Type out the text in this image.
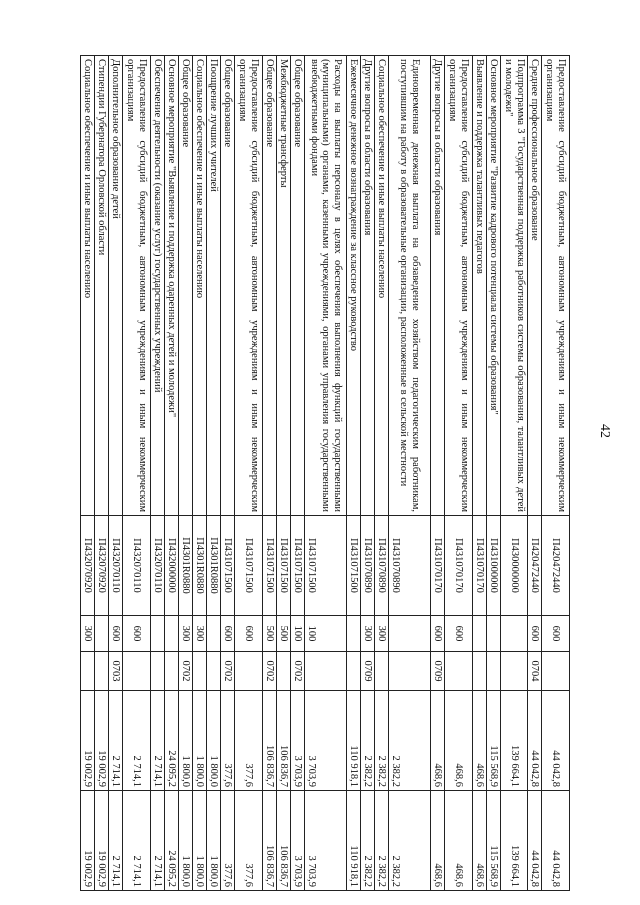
42
Предоставление субсидий бюджетным, автономным учреждениям и иным некоммерческим организациям	П420472440	600		44 042,8	44 042,8
Среднее профессиональное образование	П420472440	600	0704	44 042,8	44 042,8
Подпрограмма 3 "Государственная поддержка работников системы образования, талантливых детей и молодежи"	П430000000			139 664,1	139 664,1
Основное мероприятие "Развитие кадрового потенциала системы образования"	П431000000			115 568,9	115 568,9
Выявление и поддержка талантливых педагогов	П431070170			468,6	468,6
Предоставление субсидий бюджетным, автономным учреждениям и иным некоммерческим организациям	П431070170	600		468,6	468,6
Другие вопросы в области образования	П431070170	600	0709	468,6	468,6
Единовременная денежная выплата на обзаведение хозяйством педагогическим работникам, поступившим на работу в образовательные организации, расположенные в сельской местности	П431070890			2 382,2	2 382,2
Социальное обеспечение и иные выплаты населению	П431070890	300		2 382,2	2 382,2
Другие вопросы в области образования	П431070890	300	0709	2 382,2	2 382,2
Ежемесячное денежное вознаграждение за классное руководство	П431071500			110 918,1	110 918,1
Расходы на выплаты персоналу в целях обеспечения выполнения функций государственными (муниципальными) органами, казенными учреждениями, органами управления государственными внебюджетными фондами	П431071500	100		3 703,9	3 703,9
Общее образование	П431071500	100	0702	3 703,9	3 703,9
Межбюджетные трансферты	П431071500	500		106 836,7	106 836,7
Общее образование	П431071500	500	0702	106 836,7	106 836,7
Предоставление субсидий бюджетным, автономным учреждениям и иным некоммерческим организациям	П431071500	600		377,6	377,6
Общее образование	П431071500	600	0702	377,6	377,6
Поощрение лучших учителей	П4301R0880			1 800,0	1 800,0
Социальное обеспечение и иные выплаты населению	П4301R0880	300		1 800,0	1 800,0
Общее образование	П4301R0880	300	0702	1 800,0	1 800,0
Основное мероприятие "Выявление и поддержка одаренных детей и молодежи"	П432000000			24 095,2	24 095,2
Обеспечение деятельности (оказание услуг) государственных учреждений	П432070110			2 714,1	2 714,1
Предоставление субсидий бюджетным, автономным учреждениям и иным некоммерческим организациям	П432070110	600		2 714,1	2 714,1
Дополнительное образование детей	П432070110	600	0703	2 714,1	2 714,1
Стипендии Губернатора Орловской области	П432070920			19 002,9	19 002,9
Социальное обеспечение и иные выплаты населению	П432070920	300		19 002,9	19 002,9
